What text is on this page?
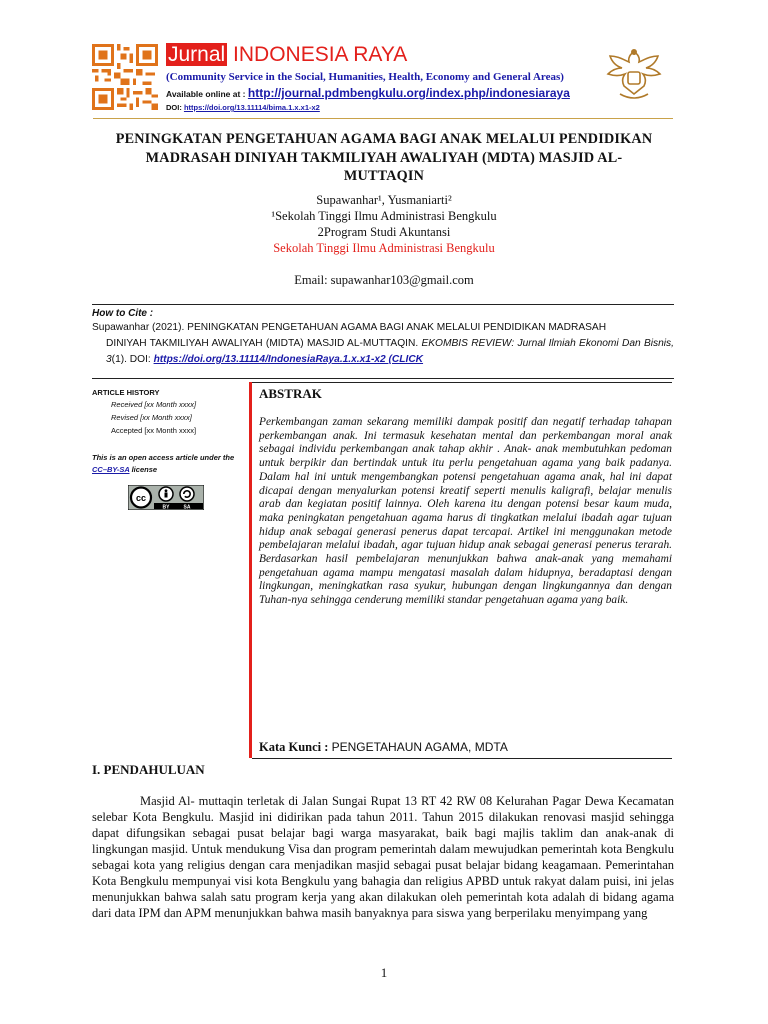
Jurnal INDONESIA RAYA
(Community Service in the Social, Humanities, Health, Economy and General Areas)
Available online at : http://journal.pdmbengkulu.org/index.php/indonesiaraya
DOI: https://doi.org/13.11114/bima.1.x.x1-x2
PENINGKATAN PENGETAHUAN AGAMA BAGI ANAK MELALUI PENDIDIKAN
MADRASAH DINIYAH TAKMILIYAH AWALIYAH (MDTA) MASJID AL-
MUTTAQIN
Supawanhar¹, Yusmaniarti²
¹Sekolah Tinggi Ilmu Administrasi Bengkulu
2Program Studi Akuntansi
Sekolah Tinggi Ilmu Administrasi Bengkulu
Email: supawanhar103@gmail.com
How to Cite :
Supawanhar (2021). PENINGKATAN PENGETAHUAN AGAMA BAGI ANAK MELALUI PENDIDIKAN MADRASAH
DINIYAH TAKMILIYAH AWALIYAH (MIDTA) MASJID AL-MUTTAQIN. EKOMBIS REVIEW: Jurnal Ilmiah Ekonomi Dan Bisnis, 3(1). DOI: https://doi.org/13.11114/IndonesiaRaya.1.x.x1-x2 (CLICK
ARTICLE HISTORY
Received [xx Month xxxx]
Revised [xx Month xxxx]
Accepted [xx Month xxxx]
This is an open access article under the CC–BY-SA license
cc
BY	SA
ABSTRAK
Perkembangan zaman sekarang memiliki dampak positif dan negatif terhadap tahapan perkembangan anak. Ini termasuk kesehatan mental dan perkembangan moral anak sebagai individu perkembangan anak tahap akhir . Anak- anak membutuhkan pedoman untuk berpikir dan bertindak untuk itu perlu pengetahuan agama yang baik padanya. Dalam hal ini untuk mengembangkan potensi pengetahuan agama anak, hal ini dapat dicapai dengan menyalurkan potensi kreatif seperti menulis kaligrafi, belajar menulis arab dan kegiatan positif lainnya. Oleh karena itu dengan potensi besar kaum muda, maka peningkatan pengetahuan agama harus di tingkatkan melalui ibadah agar tujuan hidup anak sebagai generasi penerus dapat tercapai. Artikel ini menggunakan metode pembelajaran melalui ibadah, agar tujuan hidup anak sebagai generasi penerus terarah. Berdasarkan hasil pembelajaran menunjukkan bahwa anak-anak yang memahami pengetahuan agama mampu mengatasi masalah dalam hidupnya, beradaptasi dengan lingkungan, meningkatkan rasa syukur, hubungan dengan lingkungannya dan dengan Tuhan-nya sehingga cenderung memiliki standar pengetahuan agama yang baik.
Kata Kunci : PENGETAHAUN AGAMA, MDTA
I. PENDAHULUAN
Masjid Al- muttaqin terletak di Jalan Sungai Rupat 13 RT 42 RW 08 Kelurahan Pagar Dewa Kecamatan selebar Kota Bengkulu. Masjid ini didirikan pada tahun 2011. Tahun 2015 dilakukan renovasi masjid sehingga dapat difungsikan sebagai pusat belajar bagi warga masyarakat, baik bagi majlis taklim dan anak-anak di lingkungan masjid. Untuk mendukung Visa dan program pemerintah dalam mewujudkan pemerintah kota Bengkulu sebagai kota yang religius dengan cara menjadikan masjid sebagai pusat belajar bidang keagamaan. Pemerintahan Kota Bengkulu mempunyai visi kota Bengkulu yang bahagia dan religius APBD untuk rakyat dalam puisi, ini jelas menunjukkan bahwa salah satu program kerja yang akan dilakukan oleh pemerintah kota adalah di bidang agama dari data IPM dan APM menunjukkan bahwa masih banyaknya para siswa yang berperilaku menyimpang yang
1
